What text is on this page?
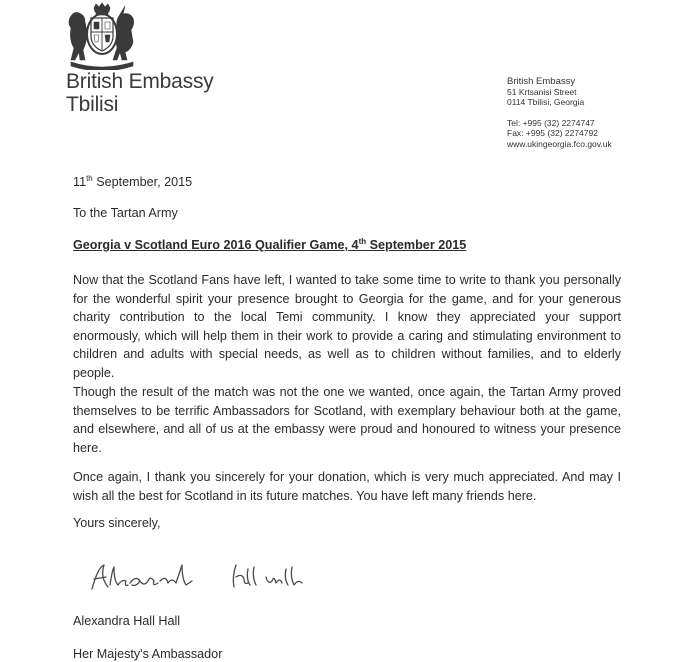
British Embassy
Tbilisi
British Embassy
51 Krtsanisi Street
0114 Tbilisi, Georgia
Tel: +995 (32) 2274747
Fax: +995 (32) 2274792
www.ukingeorgia.fco.gov.uk
11th September, 2015
To the Tartan Army
Georgia v Scotland Euro 2016 Qualifier Game, 4th September 2015
Now that the Scotland Fans have left, I wanted to take some time to write to thank you personally for the wonderful spirit your presence brought to Georgia for the game, and for your generous charity contribution to the local Temi community. I know they appreciated your support enormously, which will help them in their work to provide a caring and stimulating environment to children and adults with special needs, as well as to children without families, and to elderly people.
Though the result of the match was not the one we wanted, once again, the Tartan Army proved themselves to be terrific Ambassadors for Scotland, with exemplary behaviour both at the game, and elsewhere, and all of us at the embassy were proud and honoured to witness your presence here.
Once again, I thank you sincerely for your donation, which is very much appreciated. And may I wish all the best for Scotland in its future matches. You have left many friends here.
Yours sincerely,
Alexandra Hall Hall
Her Majesty's Ambassador
